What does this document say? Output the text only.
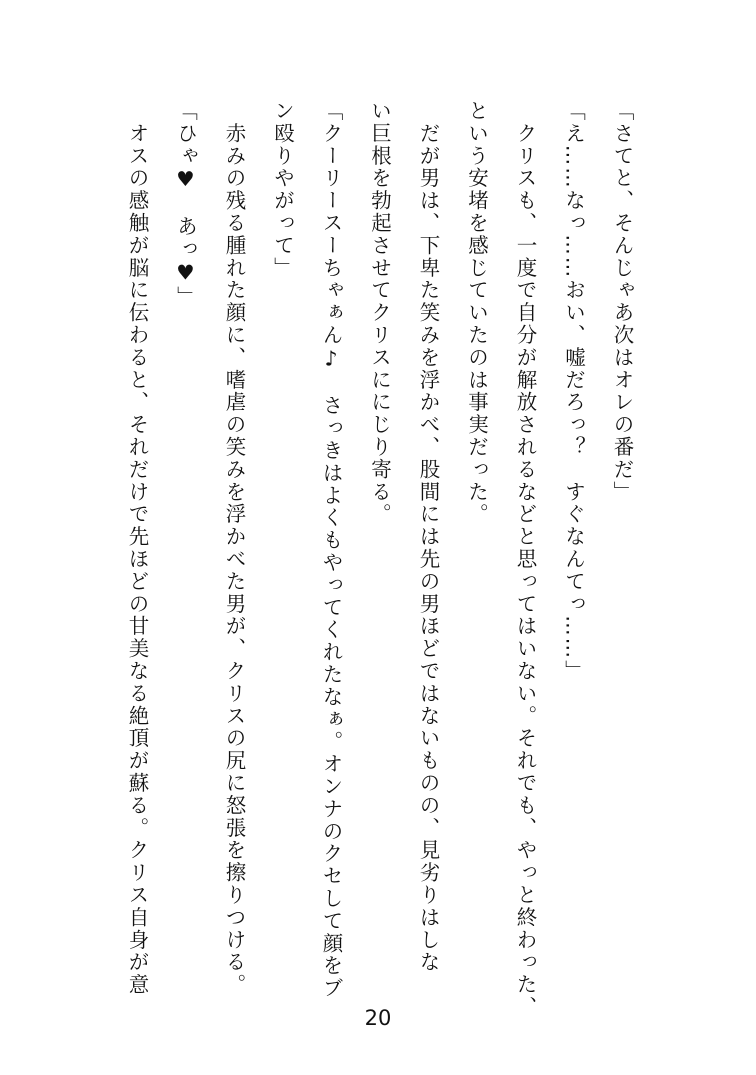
「さてと、そんじゃあ次はオレの番だ」
「え……なっ……おい、嘘だろっ？　すぐなんてっ……」
　クリスも、一度で自分が解放されるなどと思ってはいない。それでも、やっと終わった、
という安堵を感じていたのは事実だった。
　だが男は、下卑た笑みを浮かべ、股間には先の男ほどではないものの、見劣りはしな
い巨根を勃起させてクリスににじり寄る。
「クーリースーちゃぁん♪　さっきはよくもやってくれたなぁ。オンナのクセして顔をブ
ン殴りやがって」
　赤みの残る腫れた顔に、嗜虐の笑みを浮かべた男が、クリスの尻に怒張を擦りつける。
「ひゃ♥　あっ♥」
　オスの感触が脳に伝わると、それだけで先ほどの甘美なる絶頂が蘇る。クリス自身が意
20
